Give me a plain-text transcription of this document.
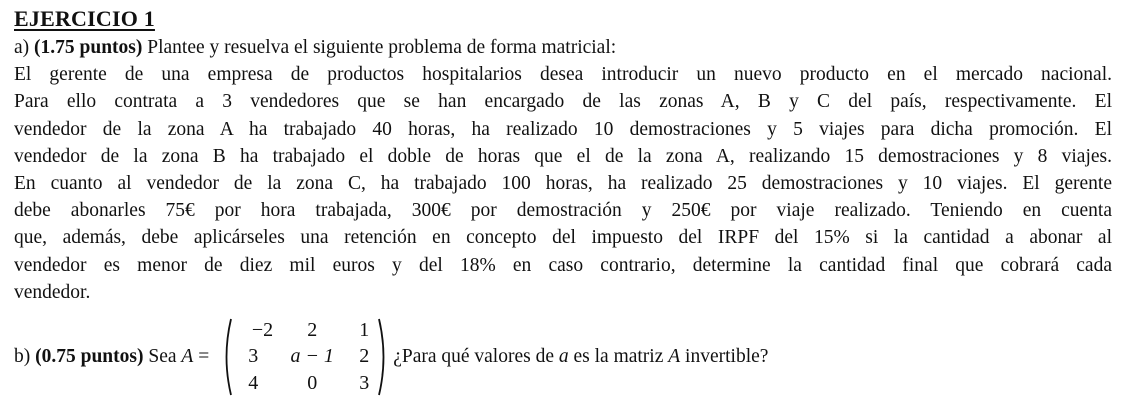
EJERCICIO 1
a) (1.75 puntos) Plantee y resuelva el siguiente problema de forma matricial:
El gerente de una empresa de productos hospitalarios desea introducir un nuevo producto en el mercado nacional.
Para ello contrata a 3 vendedores que se han encargado de las zonas A, B y C del país, respectivamente. El
vendedor de la zona A ha trabajado 40 horas, ha realizado 10 demostraciones y 5 viajes para dicha promoción. El
vendedor de la zona B ha trabajado el doble de horas que el de la zona A, realizando 15 demostraciones y 8 viajes.
En cuanto al vendedor de la zona C, ha trabajado 100 horas, ha realizado 25 demostraciones y 10 viajes. El gerente
debe abonarles 75€ por hora trabajada, 300€ por demostración y 250€ por viaje realizado. Teniendo en cuenta
que, además, debe aplicárseles una retención en concepto del impuesto del IRPF del 15% si la cantidad a abonar al
vendedor es menor de diez mil euros y del 18% en caso contrario, determine la cantidad final que cobrará cada
vendedor.
b) (0.75 puntos) Sea A =
−2	2	1
3	a − 1	2
4	0	3
¿Para qué valores de a es la matriz A invertible?
